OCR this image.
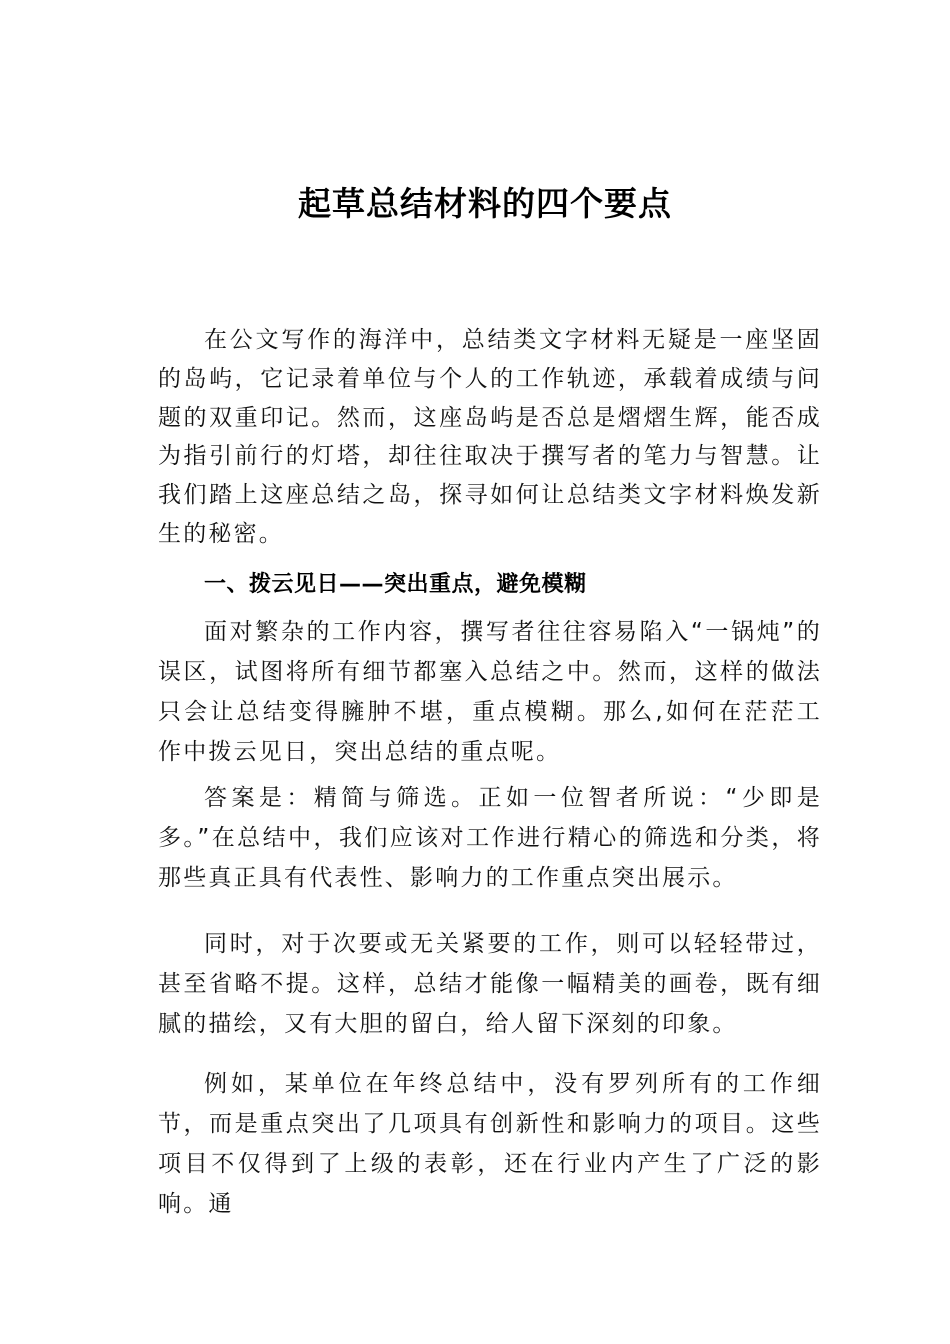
起草总结材料的四个要点

在公文写作的海洋中，总结类文字材料无疑是一座坚固的岛屿，它记录着单位与个人的工作轨迹，承载着成绩与问题的双重印记。然而，这座岛屿是否总是熠熠生辉，能否成为指引前行的灯塔，却往往取决于撰写者的笔力与智慧。让我们踏上这座总结之岛，探寻如何让总结类文字材料焕发新生的秘密。

一、拨云见日——突出重点，避免模糊

面对繁杂的工作内容，撰写者往往容易陷入“一锅炖”的误区，试图将所有细节都塞入总结之中。然而，这样的做法只会让总结变得臃肿不堪，重点模糊。那么,如何在茫茫工作中拨云见日，突出总结的重点呢。

答案是：精简与筛选。正如一位智者所说：“少即是多。”在总结中，我们应该对工作进行精心的筛选和分类，将那些真正具有代表性、影响力的工作重点突出展示。

同时，对于次要或无关紧要的工作，则可以轻轻带过，甚至省略不提。这样，总结才能像一幅精美的画卷，既有细腻的描绘，又有大胆的留白，给人留下深刻的印象。

例如，某单位在年终总结中，没有罗列所有的工作细节，而是重点突出了几项具有创新性和影响力的项目。这些项目不仅得到了上级的表彰，还在行业内产生了广泛的影响。通
